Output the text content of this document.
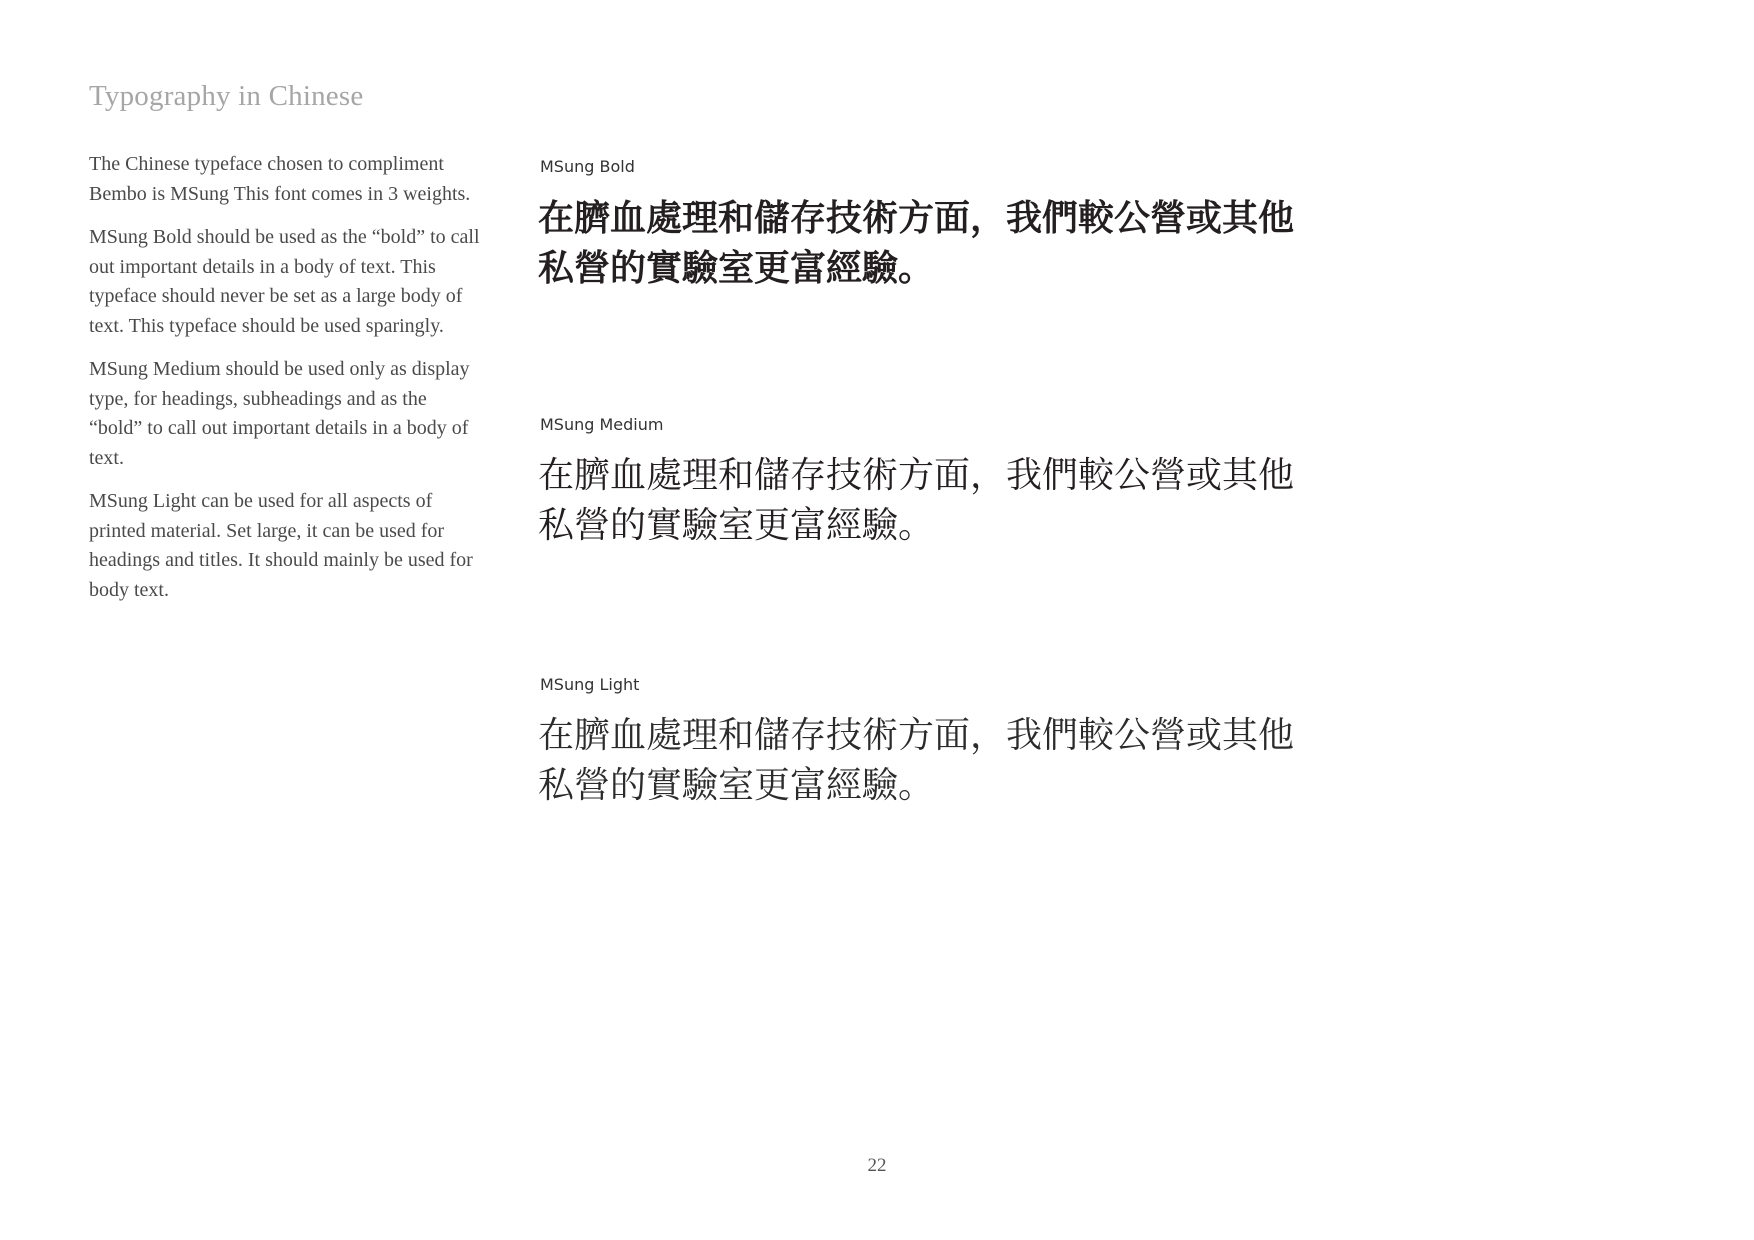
Typography in Chinese

The Chinese typeface chosen to compliment Bembo is MSung This font comes in 3 weights.

MSung Bold should be used as the “bold” to call out important details in a body of text. This typeface should never be set as a large body of text. This typeface should be used sparingly.

MSung Medium should be used only as display type, for headings, subheadings and as the “bold” to call out important details in a body of text.

MSung Light can be used for all aspects of printed material. Set large, it can be used for headings and titles. It should mainly be used for body text.

MSung Bold

在臍血處理和儲存技術方面，我們較公營或其他

私營的實驗室更富經驗。

MSung Medium

在臍血處理和儲存技術方面，我們較公營或其他

私營的實驗室更富經驗。

MSung Light

在臍血處理和儲存技術方面，我們較公營或其他

私營的實驗室更富經驗。

22
